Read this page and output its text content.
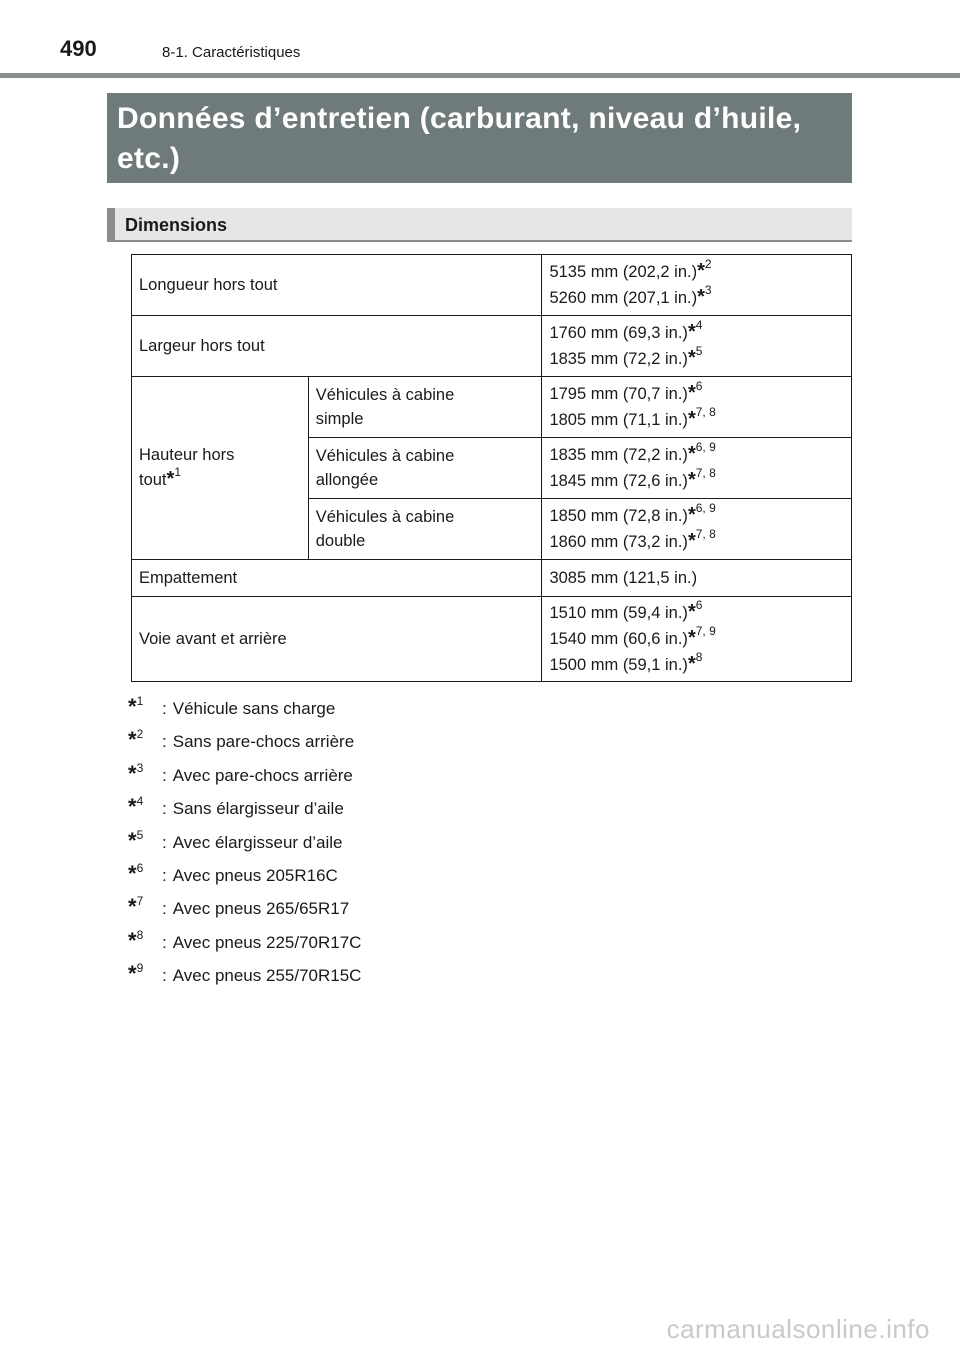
490	8-1. Caractéristiques
Données d’entretien (carburant, niveau d’huile, etc.)
Dimensions
Longueur hors tout		5135 mm (202,2 in.)*$^2$
5260 mm (207,1 in.)*$^3$

Largeur hors tout		1760 mm (69,3 in.)*$^4$
1835 mm (72,2 in.)*$^5$

Hauteur hors
tout*$^1$	Véhicules à cabine
simple	1795 mm (70,7 in.)*$^6$
1805 mm (71,1 in.)*$^{7, 8}$

	Véhicules à cabine
allongée	1835 mm (72,2 in.)*$^{6, 9}$
1845 mm (72,6 in.)*$^{7, 8}$

	Véhicules à cabine
double	1850 mm (72,8 in.)*$^{6, 9}$
1860 mm (73,2 in.)*$^{7, 8}$

Empattement		3085 mm (121,5 in.)
Voie avant et arrière		1510 mm (59,4 in.)*$^6$
1540 mm (60,6 in.)*$^{7, 9}$
1500 mm (59,1 in.)*$^8$
*$^1$ : Véhicule sans charge
*$^2$ : Sans pare-chocs arrière
*$^3$ : Avec pare-chocs arrière
*$^4$ : Sans élargisseur d’aile
*$^5$ : Avec élargisseur d’aile
*$^6$ : Avec pneus 205R16C
*$^7$ : Avec pneus 265/65R17
*$^8$ : Avec pneus 225/70R17C
*$^9$ : Avec pneus 255/70R15C
carmanualsonline.info
